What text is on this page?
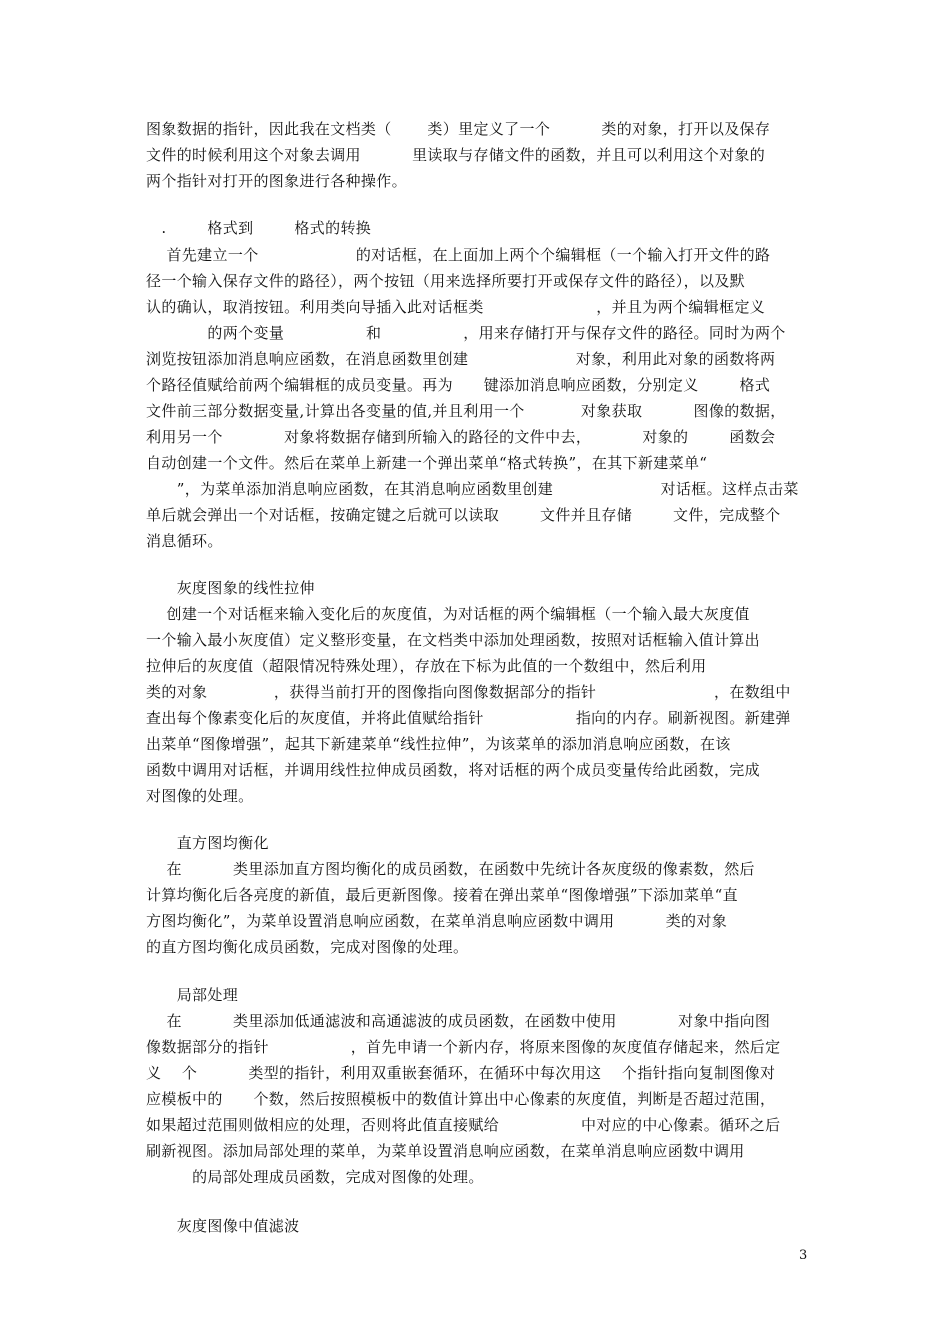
图象数据的指针，因此我在文档类（       类）里定义了一个          类的对象，打开以及保存
文件的时候利用这个对象去调用          里读取与存储文件的函数，并且可以利用这个对象的
两个指针对打开的图象进行各种操作。
.        格式到        格式的转换
首先建立一个                   的对话框，在上面加上两个个编辑框（一个输入打开文件的路
径一个输入保存文件的路径），两个按钮（用来选择所要打开或保存文件的路径），以及默
认的确认，取消按钮。利用类向导插入此对话框类                      ，并且为两个编辑框定义
的两个变量                和                ，用来存储打开与保存文件的路径。同时为两个
浏览按钮添加消息响应函数，在消息函数里创建                     对象，利用此对象的函数将两
个路径值赋给前两个编辑框的成员变量。再为      键添加消息响应函数，分别定义        格式
文件前三部分数据变量,计算出各变量的值,并且利用一个           对象获取          图像的数据，
利用另一个            对象将数据存储到所输入的路径的文件中去，          对象的        函数会
自动创建一个文件。然后在菜单上新建一个弹出菜单“格式转换”，在其下新建菜单“
”，为菜单添加消息响应函数，在其消息响应函数里创建                     对话框。这样点击菜
单后就会弹出一个对话框，按确定键之后就可以读取        文件并且存储        文件，完成整个
消息循环。
灰度图象的线性拉伸
创建一个对话框来输入变化后的灰度值，为对话框的两个编辑框（一个输入最大灰度值
一个输入最小灰度值）定义整形变量，在文档类中添加处理函数，按照对话框输入值计算出
拉伸后的灰度值（超限情况特殊处理），存放在下标为此值的一个数组中，然后利用
类的对象             ，获得当前打开的图像指向图像数据部分的指针                       ，在数组中
查出每个像素变化后的灰度值，并将此值赋给指针                  指向的内存。刷新视图。新建弹
出菜单“图像增强”，起其下新建菜单“线性拉伸”，为该菜单的添加消息响应函数，在该
函数中调用对话框，并调用线性拉伸成员函数，将对话框的两个成员变量传给此函数，完成
对图像的处理。
直方图均衡化
在          类里添加直方图均衡化的成员函数，在函数中先统计各灰度级的像素数，然后
计算均衡化后各亮度的新值，最后更新图像。接着在弹出菜单“图像增强”下添加菜单“直
方图均衡化”，为菜单设置消息响应函数，在菜单消息响应函数中调用          类的对象
的直方图均衡化成员函数，完成对图像的处理。
局部处理
在          类里添加低通滤波和高通滤波的成员函数，在函数中使用            对象中指向图
像数据部分的指针                ，首先申请一个新内存，将原来图像的灰度值存储起来，然后定
义    个          类型的指针，利用双重嵌套循环，在循环中每次用这    个指针指向复制图像对
应模板中的      个数，然后按照模板中的数值计算出中心像素的灰度值，判断是否超过范围，
如果超过范围则做相应的处理，否则将此值直接赋给                中对应的中心像素。循环之后
刷新视图。添加局部处理的菜单，为菜单设置消息响应函数，在菜单消息响应函数中调用
的局部处理成员函数，完成对图像的处理。
灰度图像中值滤波
3
